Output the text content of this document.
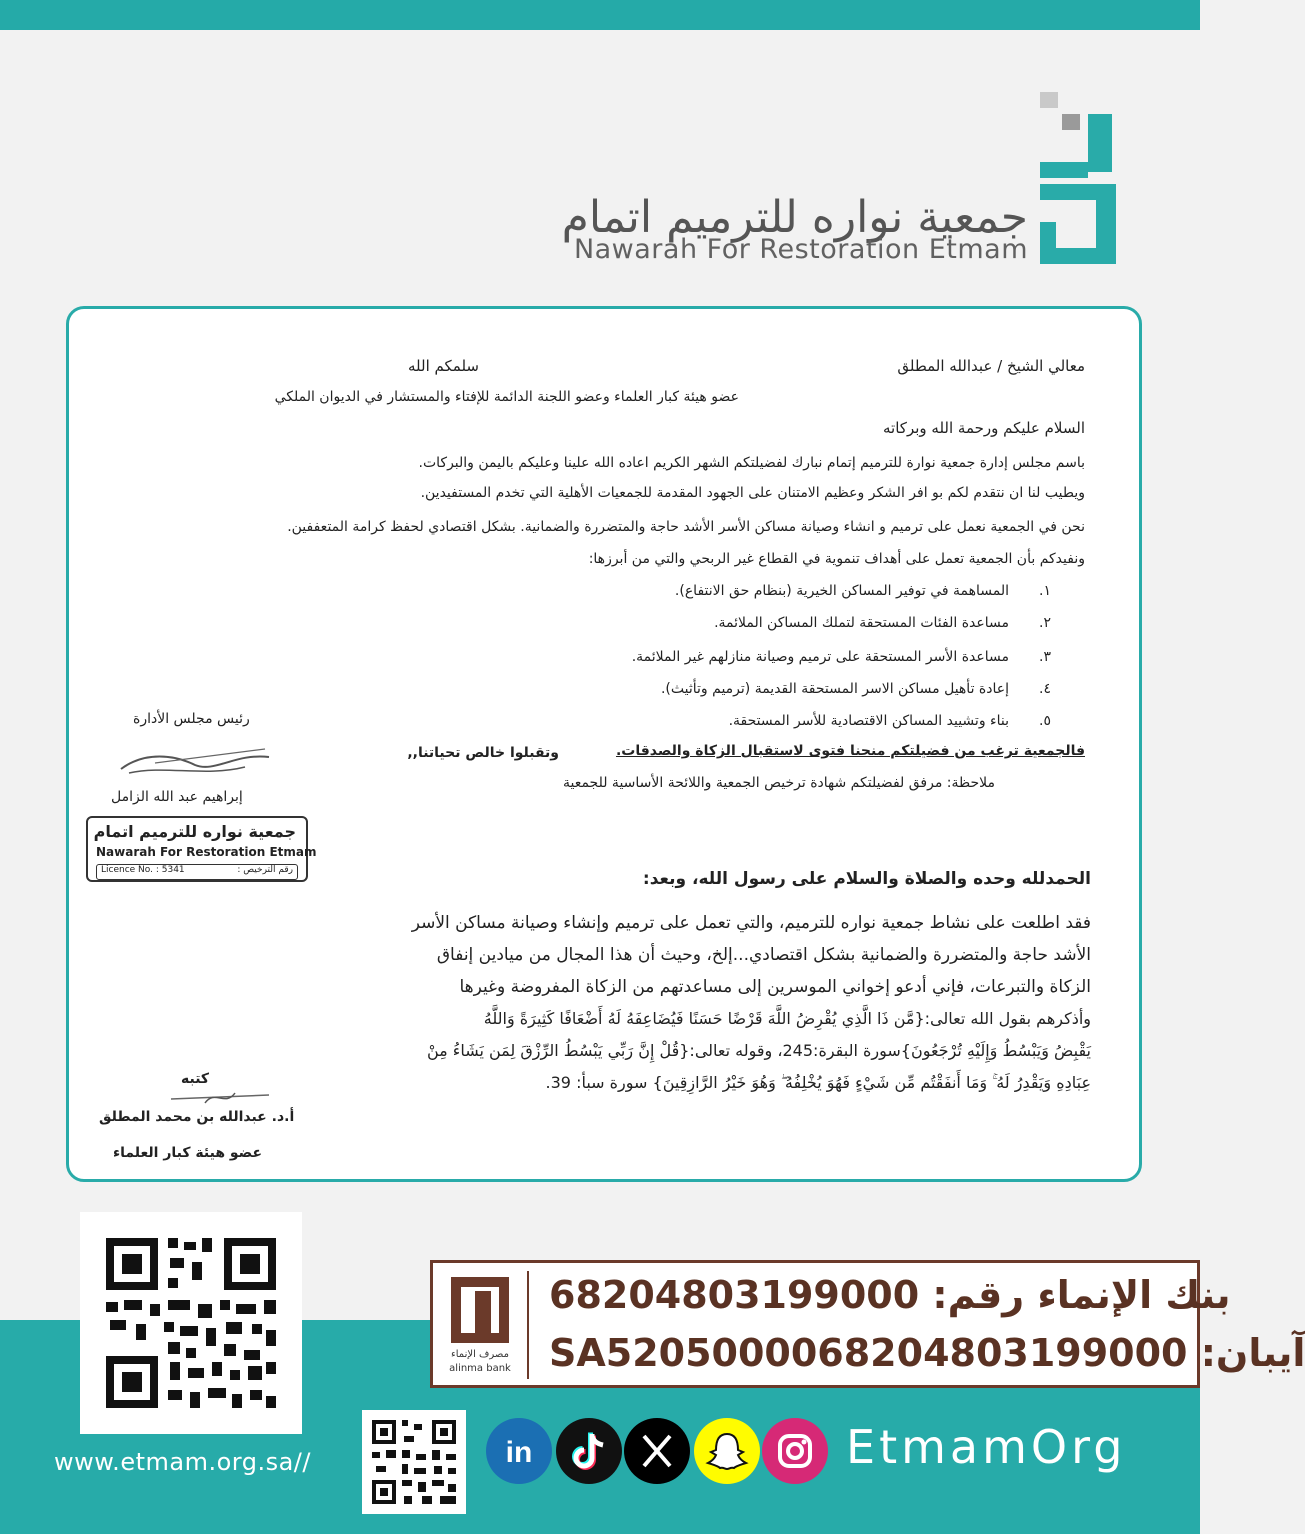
جمعية نواره للترميم اتمام
Nawarah For Restoration Etmam
معالي الشيخ / عبدالله المطلق
سلمكم الله
عضو هيئة كبار العلماء وعضو اللجنة الدائمة للإفتاء والمستشار في الديوان الملكي
السلام عليكم ورحمة الله وبركاته
باسم مجلس إدارة جمعية نوارة للترميم إتمام نبارك لفضيلتكم الشهر الكريم اعاده الله علينا وعليكم باليمن والبركات.
ويطيب لنا ان نتقدم لكم بو افر الشكر وعظيم الامتنان على الجهود المقدمة للجمعيات الأهلية التي تخدم المستفيدين.
نحن في الجمعية نعمل على ترميم و انشاء وصيانة مساكن الأسر الأشد حاجة والمتضررة والضمانية. بشكل اقتصادي لحفظ كرامة المتعففين.
ونفيدكم بأن الجمعية تعمل على أهداف تنموية في القطاع غير الربحي والتي من أبرزها:
١.
المساهمة في توفير المساكن الخيرية (بنظام حق الانتفاع).
٢.
مساعدة الفئات المستحقة لتملك المساكن الملائمة.
٣.
مساعدة الأسر المستحقة على ترميم وصيانة منازلهم غير الملائمة.
٤.
إعادة تأهيل مساكن الاسر المستحقة القديمة (ترميم وتأثيث).
٥.
بناء وتشييد المساكن الاقتصادية للأسر المستحقة.
فالجمعية ترغب من فضيلتكم منحنا فتوى لاستقبال الزكاة والصدقات.
وتقبلوا خالص تحياتنا,,
ملاحظة: مرفق لفضيلتكم شهادة ترخيص الجمعية واللائحة الأساسية للجمعية
رئيس مجلس الأدارة
إبراهيم عبد الله الزامل
الحمدلله وحده والصلاة والسلام على رسول الله، وبعد:
فقد اطلعت على نشاط جمعية نواره للترميم، والتي تعمل على ترميم وإنشاء وصيانة مساكن الأسر
الأشد حاجة والمتضررة والضمانية بشكل اقتصادي...إلخ، وحيث أن هذا المجال من ميادين إنفاق
الزكاة والتبرعات، فإني أدعو إخواني الموسرين إلى مساعدتهم من الزكاة المفروضة وغيرها
وأذكرهم بقول الله تعالى:{مَّن ذَا الَّذِي يُقْرِضُ اللَّهَ قَرْضًا حَسَنًا فَيُضَاعِفَهُ لَهُ أَضْعَافًا كَثِيرَةً وَاللَّهُ
يَقْبِضُ وَيَبْسُطُ وَإِلَيْهِ تُرْجَعُونَ}سورة البقرة:245، وقوله تعالى:{قُلْ إِنَّ رَبِّي يَبْسُطُ الرِّزْقَ لِمَن يَشَاءُ مِنْ
عِبَادِهِ وَيَقْدِرُ لَهُ ۚ وَمَا أَنفَقْتُم مِّن شَيْءٍ فَهُوَ يُخْلِفُهُ ۖ وَهُوَ خَيْرُ الرَّازِقِينَ} سورة سبأ: 39.
كتبه
أ.د. عبدالله بن محمد المطلق
عضو هيئة كبار العلماء
جمعية نواره للترميم اتمام
Nawarah For Restoration Etmam
Licence No. : 5341	رقم الترخيص :
www.etmam.org.sa//
مصرف الإنماء
alinma bank
بنك الإنماء رقم: 68204803199000
آيبان: SA5205000068204803199000
in	EtmamOrg
